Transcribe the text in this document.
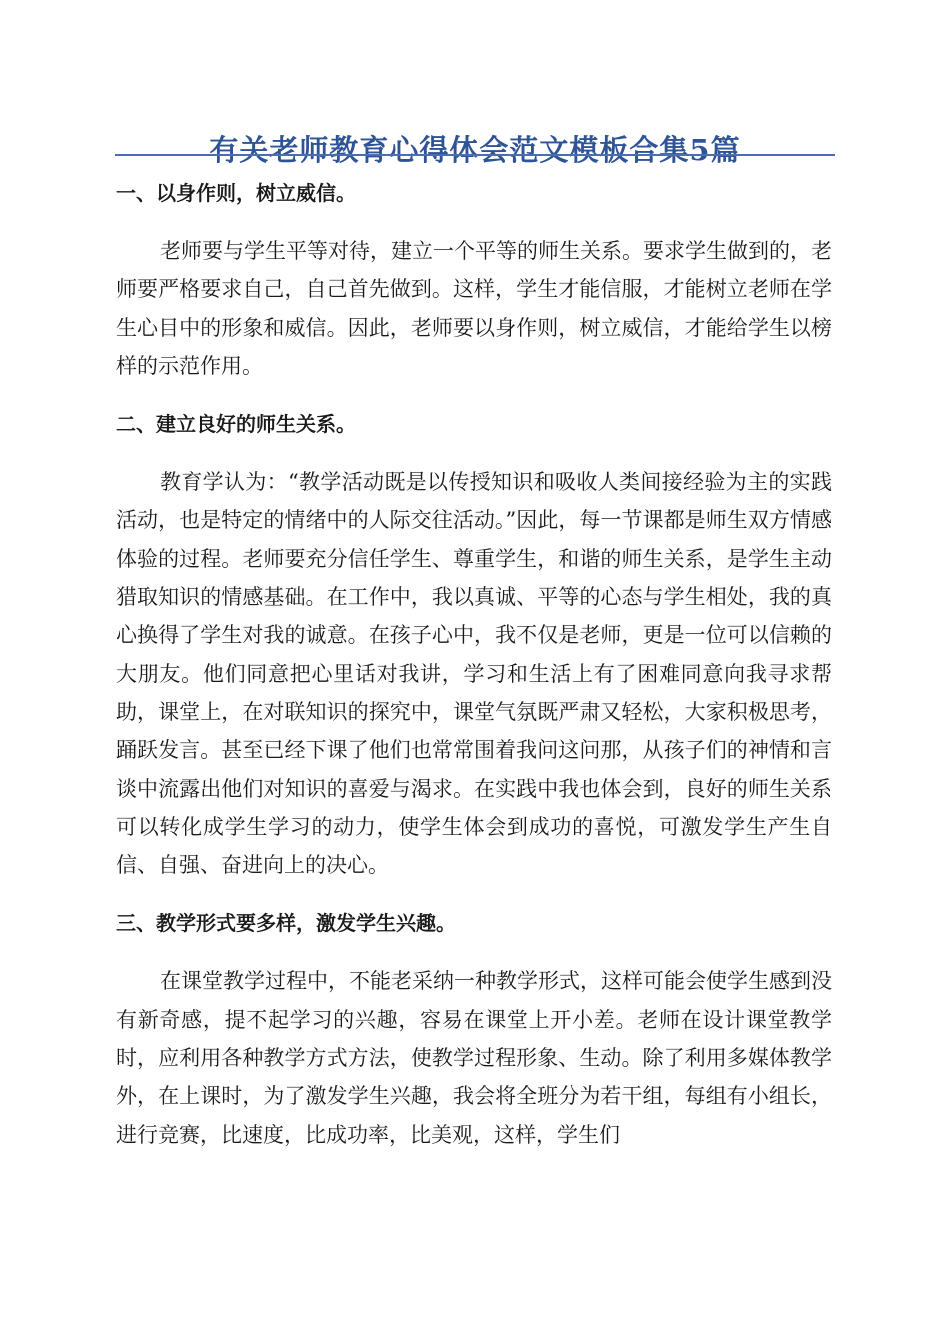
有关老师教育心得体会范文模板合集5篇
一、以身作则，树立威信。

老师要与学生平等对待，建立一个平等的师生关系。要求学生做到的，老师要严格要求自己，自己首先做到。这样，学生才能信服，才能树立老师在学生心目中的形象和威信。因此，老师要以身作则，树立威信，才能给学生以榜样的示范作用。

二、建立良好的师生关系。

教育学认为：“教学活动既是以传授知识和吸收人类间接经验为主的实践活动，也是特定的情绪中的人际交往活动。”因此，每一节课都是师生双方情感体验的过程。老师要充分信任学生、尊重学生，和谐的师生关系，是学生主动猎取知识的情感基础。在工作中，我以真诚、平等的心态与学生相处，我的真心换得了学生对我的诚意。在孩子心中，我不仅是老师，更是一位可以信赖的大朋友。他们同意把心里话对我讲，学习和生活上有了困难同意向我寻求帮助，课堂上，在对联知识的探究中，课堂气氛既严肃又轻松，大家积极思考，踊跃发言。甚至已经下课了他们也常常围着我问这问那，从孩子们的神情和言谈中流露出他们对知识的喜爱与渴求。在实践中我也体会到，良好的师生关系可以转化成学生学习的动力，使学生体会到成功的喜悦，可激发学生产生自信、自强、奋进向上的决心。

三、教学形式要多样，激发学生兴趣。

在课堂教学过程中，不能老采纳一种教学形式，这样可能会使学生感到没有新奇感，提不起学习的兴趣，容易在课堂上开小差。老师在设计课堂教学时，应利用各种教学方式方法，使教学过程形象、生动。除了利用多媒体教学外，在上课时，为了激发学生兴趣，我会将全班分为若干组，每组有小组长，进行竞赛，比速度，比成功率，比美观，这样，学生们
